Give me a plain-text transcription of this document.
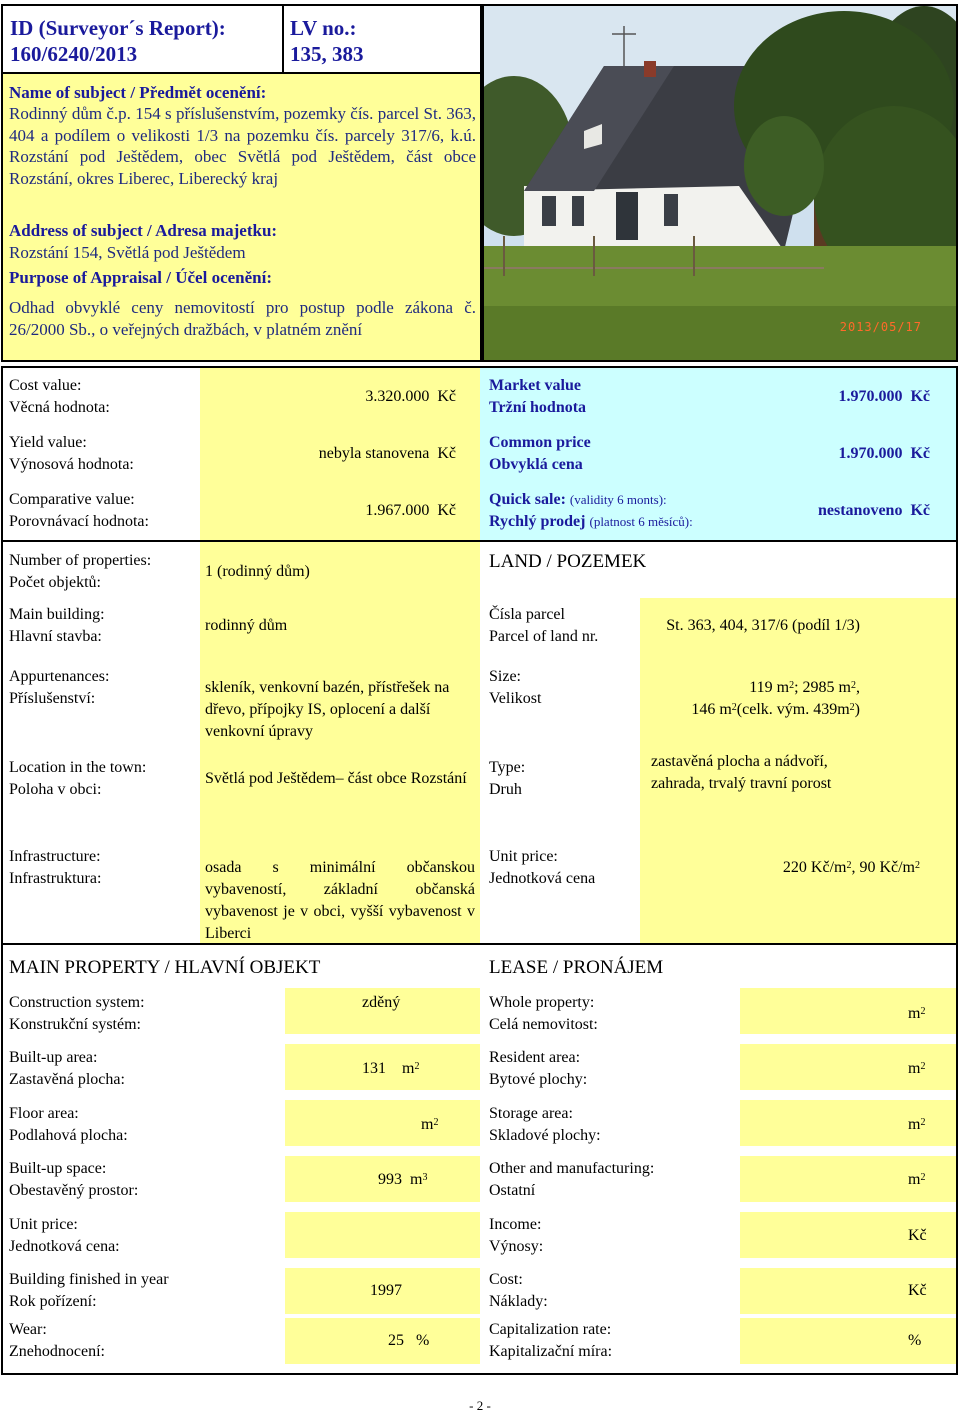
ID (Surveyor´s Report):
160/6240/2013
LV no.:
135, 383
Name of subject / Předmět ocenění:
Rodinný dům č.p. 154 s příslušenstvím, pozemky čís. parcel St. 363, 404 a podílem o velikosti 1/3 na pozemku čís. parcely 317/6, k.ú. Rozstání pod Ještědem, obec Světlá pod Ještědem, část obce Rozstání, okres Liberec, Liberecký kraj
Address of subject / Adresa majetku:
Rozstání 154, Světlá pod Ještědem
Purpose of Appraisal / Účel ocenění:
Odhad obvyklé ceny nemovitostí pro postup podle zákona č. 26/2000 Sb., o veřejných dražbách, v platném znění	2013/05/17
Cost value:
Věcná hodnota:
3.320.000 Kč
Yield value:
Výnosová hodnota:
nebyla stanovena Kč
Comparative value:
Porovnávací hodnota:
1.967.000 Kč
Market value
Tržní hodnota
1.970.000 Kč
Common price
Obvyklá cena
1.970.000 Kč
Quick sale: (validity 6 monts):
Rychlý prodej (platnost 6 měsíců):
nestanoveno Kč
Number of properties:
Počet objektů:
1 (rodinný dům)
Main building:
Hlavní stavba:
rodinný dům
Appurtenances:
Příslušenství:
skleník, venkovní bazén, přístřešek na dřevo, přípojky IS, oplocení a další venkovní úpravy
Location in the town:
Poloha v obci:
Světlá pod Ještědem– část obce Rozstání
Infrastructure:
Infrastruktura:
osada s minimální občanskou vybaveností, základní občanská vybavenost je v obci, vyšší vybavenost v Liberci
LAND / POZEMEK
Čísla parcel
Parcel of land nr.
St. 363, 404, 317/6 (podíl 1/3)
Size:
Velikost
119 $m^2$; 2985 $m^2$,
146 $m^2(celk$. vým. $439m^2$)
Type:
Druh
zastavěná plocha a nádvoří, zahrada, trvalý travní porost
Unit price:
Jednotková cena
220 $Kč/m^2$, 90 $Kč/m^2$
MAIN PROPERTY / HLAVNÍ OBJEKT	LEASE / PRONÁJEM
Construction system:
Konstrukční systém:
zděný
Built-up area:
Zastavěná plocha:
131 $m^2$
Floor area:
Podlahová plocha:
$m^2$
Built-up space:
Obestavěný prostor:
993 $m^3$
Unit price:
Jednotková cena:
Building finished in year
Rok pořízení:
1997
Wear:
Znehodnocení:
25 %
Whole property:
Celá nemovitost:
$m^2$
Resident area:
Bytové plochy:
$m^2$
Storage area:
Skladové plochy:
$m^2$
Other and manufacturing:
Ostatní
$m^2$
Income:
Výnosy:
Kč
Cost:
Náklady:
Kč
Capitalization rate:
Kapitalizační míra:
%
- 2 -
